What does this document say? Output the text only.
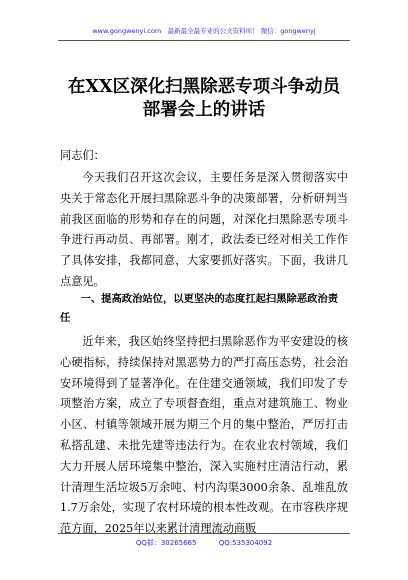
www.gongwenyi.com　最新最全最专业的公文资料库！ 微信：gongwenyj
在XX区深化扫黑除恶专项斗争动员部署会上的讲话
同志们：

今天我们召开这次会议，主要任务是深入贯彻落实中央关于常态化开展扫黑除恶斗争的决策部署，分析研判当前我区面临的形势和存在的问题，对深化扫黑除恶专项斗争进行再动员、再部署。刚才，政法委已经对相关工作作了具体安排，我都同意，大家要抓好落实。下面，我讲几点意见。

一、提高政治站位，以更坚决的态度扛起扫黑除恶政治责任

近年来，我区始终坚持把扫黑除恶作为平安建设的核心硬指标，持续保持对黑恶势力的严打高压态势，社会治安环境得到了显著净化。在住建交通领域，我们印发了专项整治方案，成立了专项督查组，重点对建筑施工、物业小区、村镇等领域开展为期三个月的集中整治，严厉打击私搭乱建、未批先建等违法行为。在农业农村领域，我们大力开展人居环境集中整治，深入实施村庄清洁行动，累计清理生活垃圾5万余吨、村内沟渠3000余条、乱堆乱放1.7万余处，实现了农村环境的根本性改观。在市容秩序规范方面，2025年以来累计清理流动商贩

QQ群：30265665	QQ:535304092
